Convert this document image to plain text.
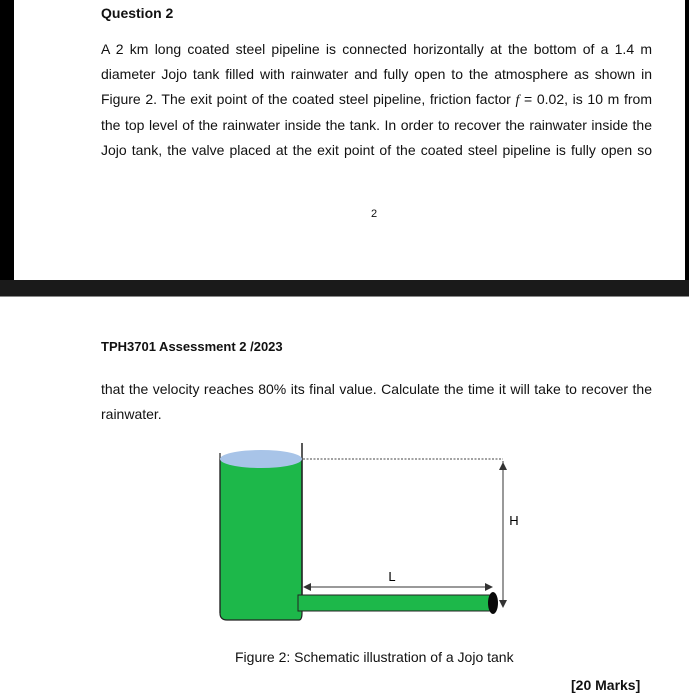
Question 2
A 2 km long coated steel pipeline is connected horizontally at the bottom of a 1.4 m
diameter Jojo tank filled with rainwater and fully open to the atmosphere as shown in
Figure 2. The exit point of the coated steel pipeline, friction factor f = 0.02, is 10 m from
the top level of the rainwater inside the tank. In order to recover the rainwater inside the
Jojo tank, the valve placed at the exit point of the coated steel pipeline is fully open so
2
TPH3701 Assessment 2 /2023
that the velocity reaches 80% its final value. Calculate the time it will take to recover the
rainwater.
H
L
Figure 2: Schematic illustration of a Jojo tank
[20 Marks]
